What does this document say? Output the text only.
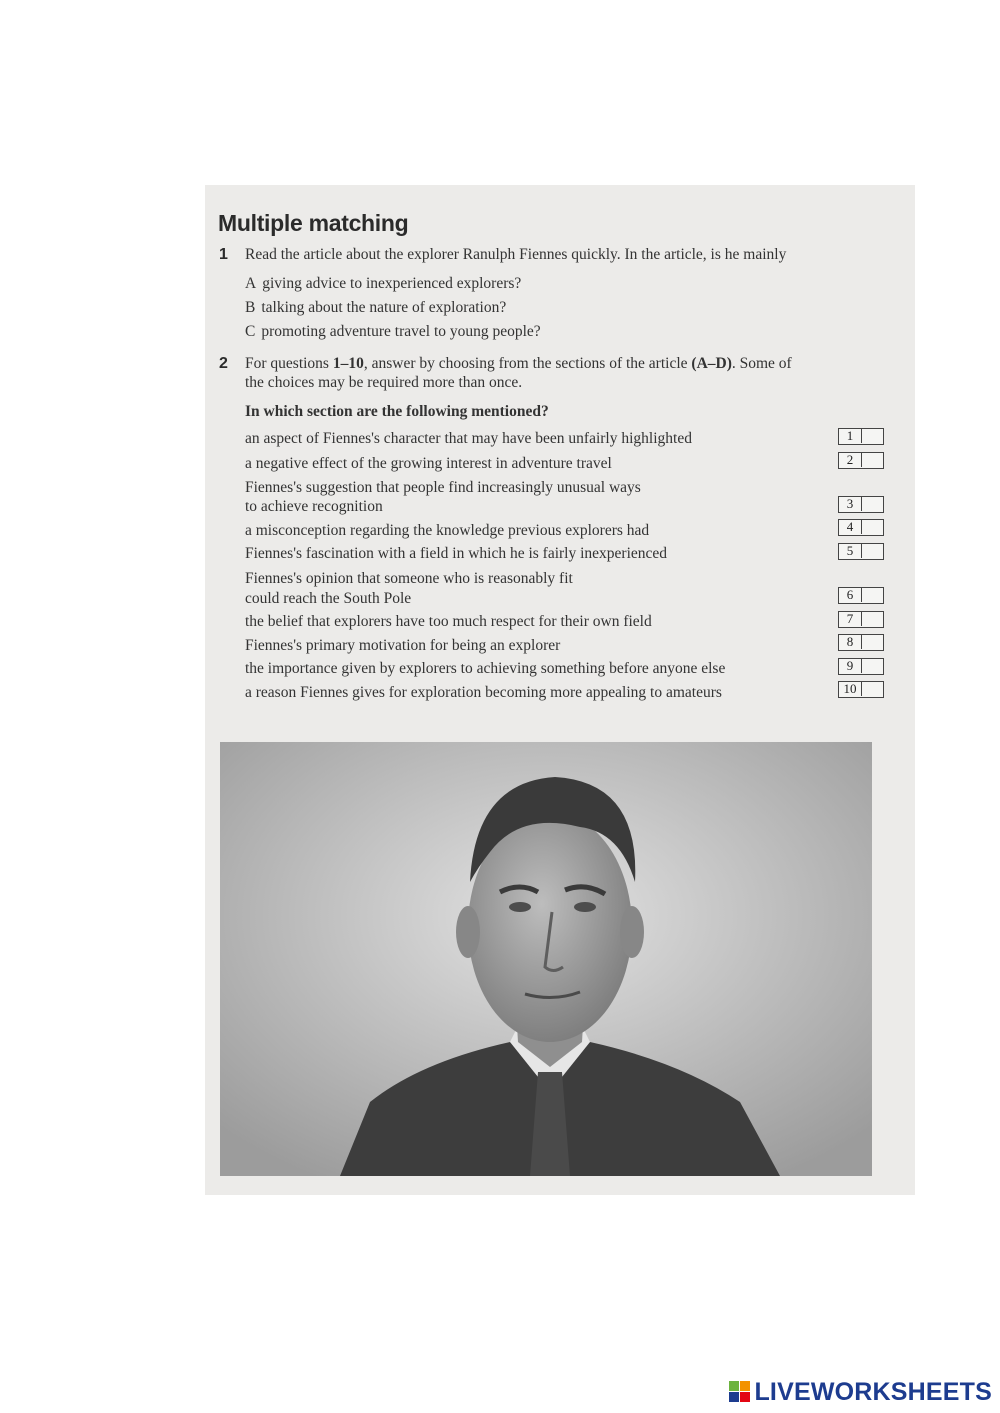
Multiple matching
1 Read the article about the explorer Ranulph Fiennes quickly. In the article, is he mainly
A giving advice to inexperienced explorers?
B talking about the nature of exploration?
C promoting adventure travel to young people?
2 For questions 1–10, answer by choosing from the sections of the article (A–D). Some of
the choices may be required more than once.
In which section are the following mentioned?
an aspect of Fiennes's character that may have been unfairly highlighted
a negative effect of the growing interest in adventure travel
Fiennes's suggestion that people find increasingly unusual ways
to achieve recognition
a misconception regarding the knowledge previous explorers had
Fiennes's fascination with a field in which he is fairly inexperienced
Fiennes's opinion that someone who is reasonably fit
could reach the South Pole
the belief that explorers have too much respect for their own field
Fiennes's primary motivation for being an explorer
the importance given by explorers to achieving something before anyone else
a reason Fiennes gives for exploration becoming more appealing to amateurs
1
2
3
4
5
6
7
8
9
10
LIVEWORKSHEETS
